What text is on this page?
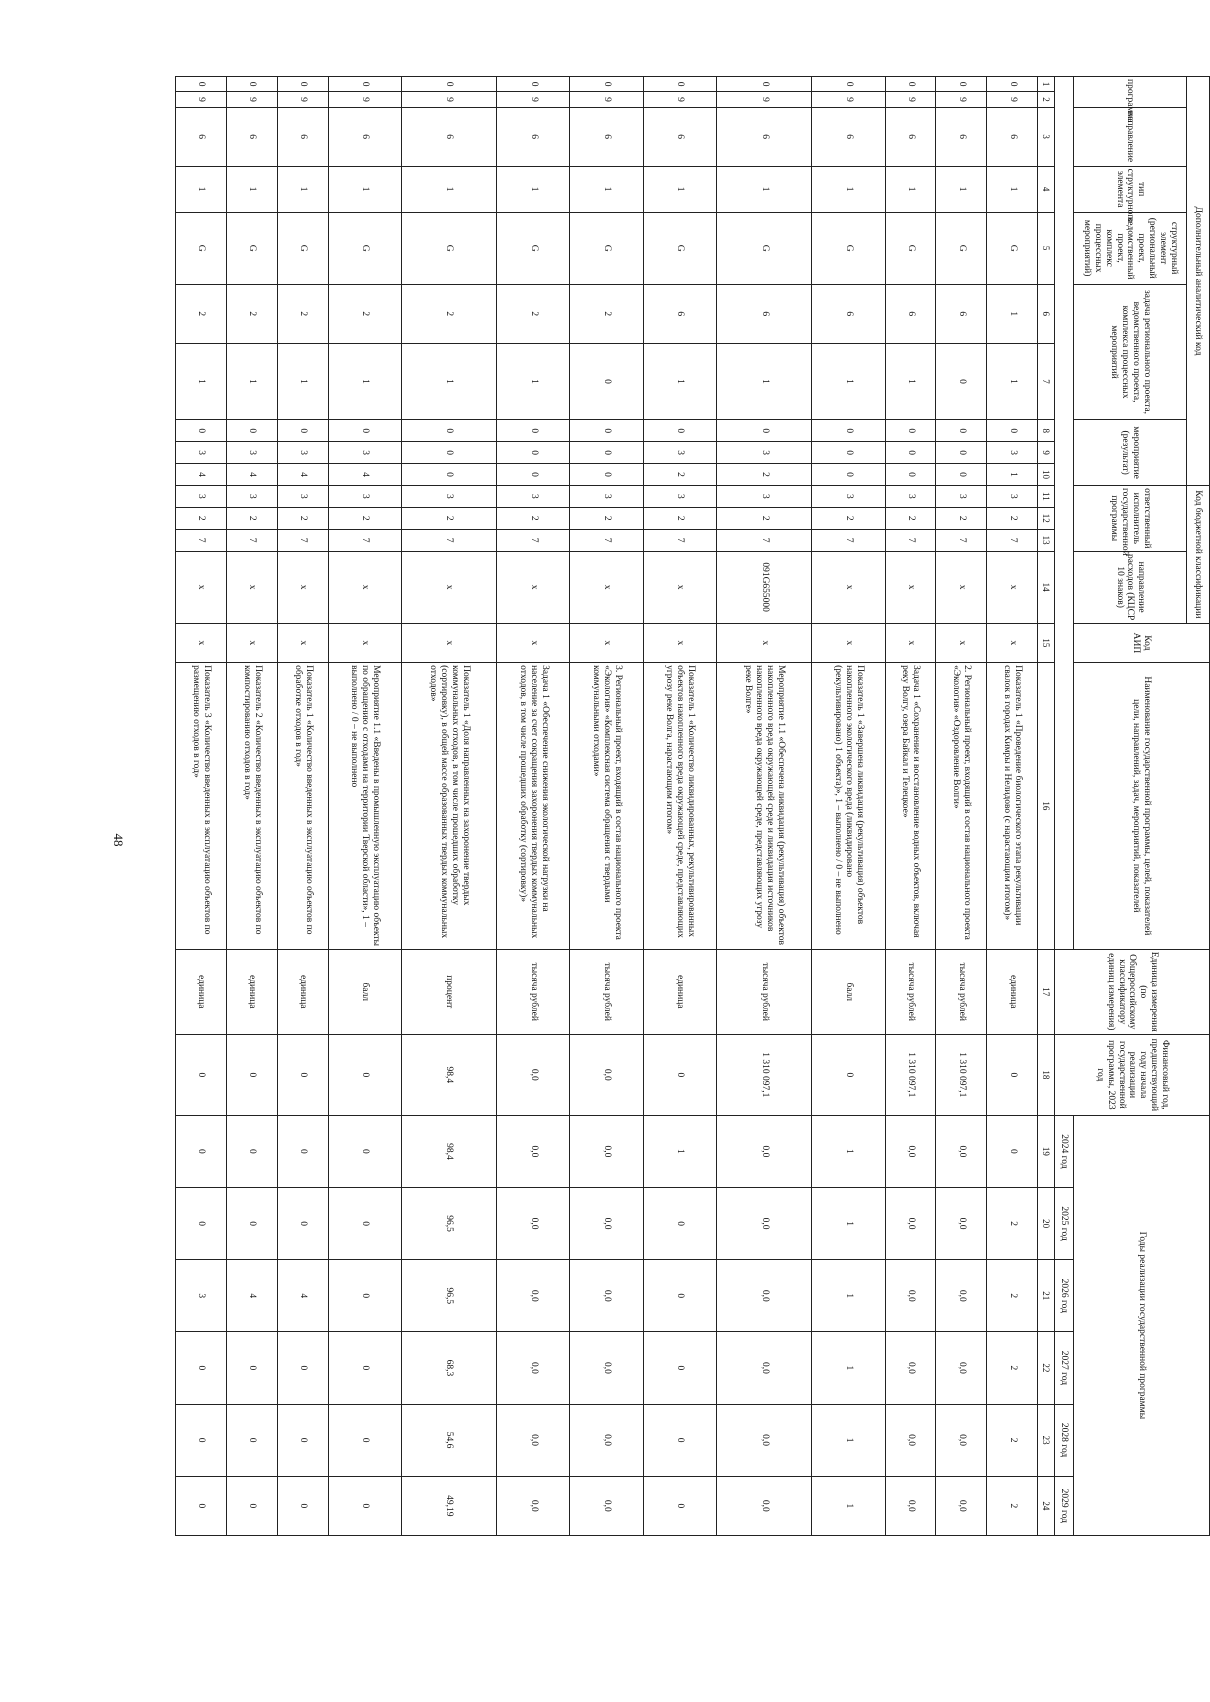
48
Дополнительный аналитический код										Код бюджетной классификации				Код АИП	Наименование государственной программы, целей, показателей цели, направлений, задач, мероприятий, показателей	Единица измерения (по Общероссийскому классификатору единиц измерения)	Финансовый год, предшествующий году начала реализации государственной программы, 2023 год	Годы реализации государственной программы					
программа		направление	тип структурного элемента	структурный элемент (региональный проект, ведомственный проект, комплекс процессных мероприятий)	задача регионального проекта, ведомственного проекта, комплекса процессных мероприятий		мероприятие (результат)			ответственный исполнитель государственной программы			направление расходов (КЦСР 10 знаков)										
																		2024 год	2025 год	2026 год	2027 год	2028 год	2029 год
1	2	3	4	5	6	7	8	9	10	11	12	13	14	15	16	17	18	19	20	21	22	23	24
0	9	6	1	G	1	1	0	3	1	3	2	7	x	x	Показатель 1 «Проведение биологического этапа рекультивации свалок в городах Кимры и Нелидово (с нарастающим итогом)»	единица	0	0	2	2	2	2	2
0	9	6	1	G	6	0	0	0	0	3	2	7	x	x	2. Региональный проект, входящий в состав национального проекта «Экология» «Оздоровление Волги»	тысяча рублей	1 310 097,1	0,0	0,0	0,0	0,0	0,0	0,0
0	9	6	1	G	6	1	0	0	0	3	2	7	x	x	Задача 1 «Сохранение и восстановление водных объектов, включая реку Волгу, озера Байкал и Телецкое»	тысяча рублей	1 310 097,1	0,0	0,0	0,0	0,0	0,0	0,0
0	9	6	1	G	6	1	0	0	0	3	2	7	x	x	Показатель 1 «Завершена ликвидация (рекультивация) объектов накопленного экологического вреда (ликвидировано (рекультивировано) 1 объекта)», 1 – выполнено / 0 – не выполнено	балл	0	1	1	1	1	1	1
0	9	6	1	G	6	1	0	3	2	3	2	7	091G655000	x	Мероприятие 1.1 «Обеспечена ликвидация (рекультивация) объектов накопленного вреда окружающей среде и ликвидация источников накопленного вреда окружающей среде, представляющих угрозу реке Волге»	тысяча рублей	1 310 097,1	0,0	0,0	0,0	0,0	0,0	0,0
0	9	6	1	G	6	1	0	3	2	3	2	7	x	x	Показатель 1 «Количество ликвидированных, рекультивированных объектов накопленного вреда окружающей среде, представляющих угрозу реке Волга, нарастающим итогом»	единица	0	1	0	0	0	0	0
0	9	6	1	G	2	0	0	0	0	3	2	7	x	x	3. Региональный проект, входящий в состав национального проекта «Экология» «Комплексная система обращения с твердыми коммунальными отходами»	тысяча рублей	0,0	0,0	0,0	0,0	0,0	0,0	0,0
0	9	6	1	G	2	1	0	0	0	3	2	7	x	x	Задача 1 «Обеспечение снижения экологической нагрузки на население за счет сокращения захоронения твердых коммунальных отходов, в том числе прошедших обработку (сортировку)»	тысяча рублей	0,0	0,0	0,0	0,0	0,0	0,0	0,0
0	9	6	1	G	2	1	0	0	0	3	2	7	x	x	Показатель 1 «Доля направленных на захоронение твердых коммунальных отходов, в том числе прошедших обработку (сортировку), в общей массе образованных твердых коммунальных отходов»	процент	98,4	98,4	96,5	96,5	68,3	54,6	49,19
0	9	6	1	G	2	1	0	3	4	3	2	7	x	x	Мероприятие 1.1 «Введены в промышленную эксплуатацию объекты по обращению с отходами на территории Тверской области», 1 – выполнено / 0 – не выполнено	балл	0	0	0	0	0	0	0
0	9	6	1	G	2	1	0	3	4	3	2	7	x	x	Показатель 1 «Количество введенных в эксплуатацию объектов по обработке отходов в год»	единица	0	0	0	4	0	0	0
0	9	6	1	G	2	1	0	3	4	3	2	7	x	x	Показатель 2 «Количество введенных в эксплуатацию объектов по компостированию отходов в год»	единица	0	0	0	4	0	0	0
0	9	6	1	G	2	1	0	3	4	3	2	7	x	x	Показатель 3 «Количество введенных в эксплуатацию объектов по размещению отходов в год»	единица	0	0	0	3	0	0	0
